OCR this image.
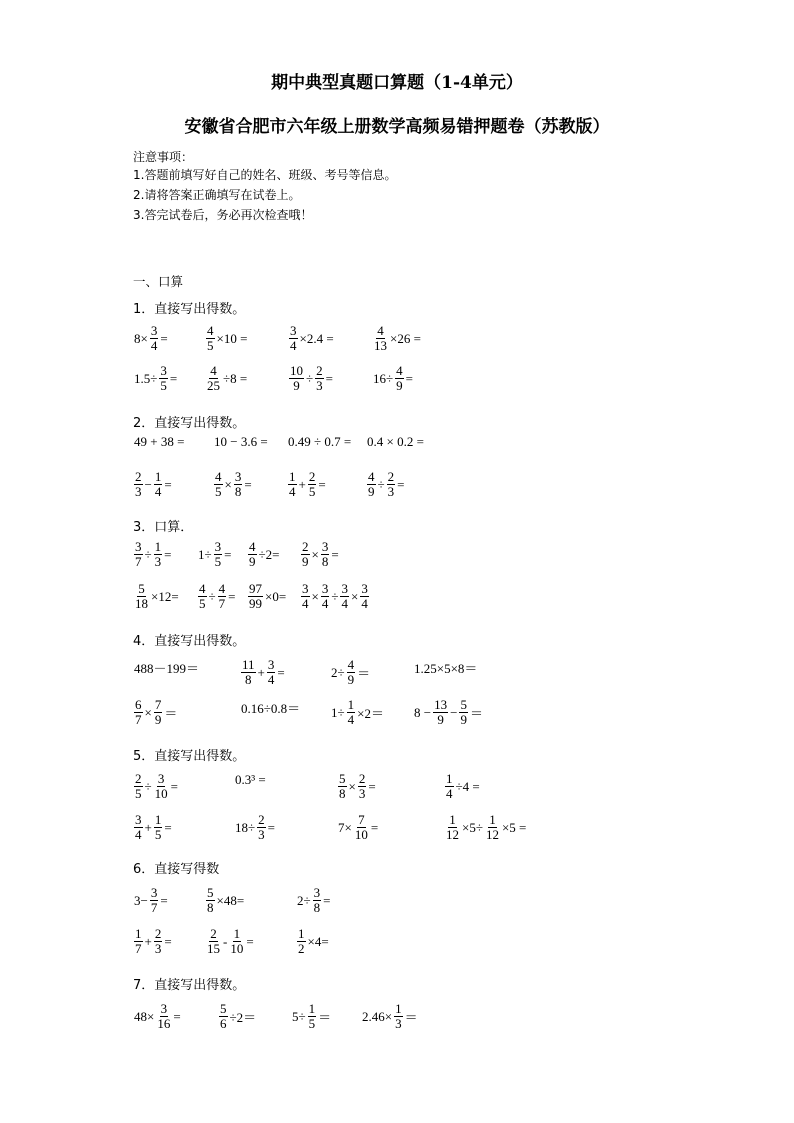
期中典型真题口算题（1-4单元）
安徽省合肥市六年级上册数学高频易错押题卷（苏教版）
注意事项：
1.答题前填写好自己的姓名、班级、考号等信息。
2.请将答案正确填写在试卷上。
3.答完试卷后，务必再次检查哦！
一、口算
1．直接写出得数。
$8\times \frac{3}{4}$ =	$\frac{4}{5} \times 10$ =	$\frac{3}{4} \times 2.4$ =	$\frac{4}{13} \times 26$ =
$1.5\div \frac{3}{5} = \frac{4}{25} \div 8$ =	$\frac{10}{9} \div \frac{2}{3}$ =	$16\div \frac{4}{9}$ =
2．直接写出得数。
49 + 38 = 10 − 3.6 = 0.49 ÷ 0.7 = 0.4 × 0.2 =
$\frac{2}{3} - \frac{1}{4}$ =	$\frac{4}{5} \times \frac{3}{8}$ =	$\frac{1}{4} + \frac{2}{5}$ =	$\frac{4}{9} \div \frac{2}{3}$ =
3．口算．
$\frac{3}{7} \div \frac{1}{3} = 1\div \frac{3}{5} = \frac{4}{9} \div 2= \frac{2}{9} \times \frac{3}{8}$ =
$\frac{5}{18} \times 12= \frac{4}{5} \div \frac{4}{7} = \frac{97}{99} \times 0= \frac{3}{4} \times \frac{3}{4} \div \frac{3}{4} \times \frac{3}{4}$
4．直接写出得数。
488－199＝	$\frac{11}{8} + \frac{3}{4}$ =	$2\div \frac{4}{9}$ ＝	1.25×5×8＝
$\frac{6}{7} \times \frac{7}{9}$ ＝	$0.16\div 0.8= 1\div \frac{1}{4} \times 2= 8 - \frac{13}{9} - \frac{5}{9}$ ＝
5．直接写出得数。
$\frac{2}{5} \div \frac{3}{10}$ =	0.3³ =	$\frac{5}{8} \times \frac{2}{3}$ =	$\frac{1}{4} \div 4$ =
$\frac{3}{4} + \frac{1}{5}$ =	$18\div \frac{2}{3}$ =	$7\times \frac{7}{10}$ =	$\frac{1}{12} \times 5\div \frac{1}{12} \times 5$ =
6．直接写得数
$3- \frac{3}{7}$ =	$\frac{5}{8} \times 48=$	$2\div \frac{3}{8}$ =
$\frac{1}{7} + \frac{2}{3}$ =	$\frac{2}{15} - \frac{1}{10}$ =	$\frac{1}{2} \times 4=$
7．直接写出得数。
$48\times \frac{3}{16}$ =	$\frac{5}{6} \div 2=$	$5\div \frac{1}{5} = 2.46\times \frac{1}{3}$ ＝
